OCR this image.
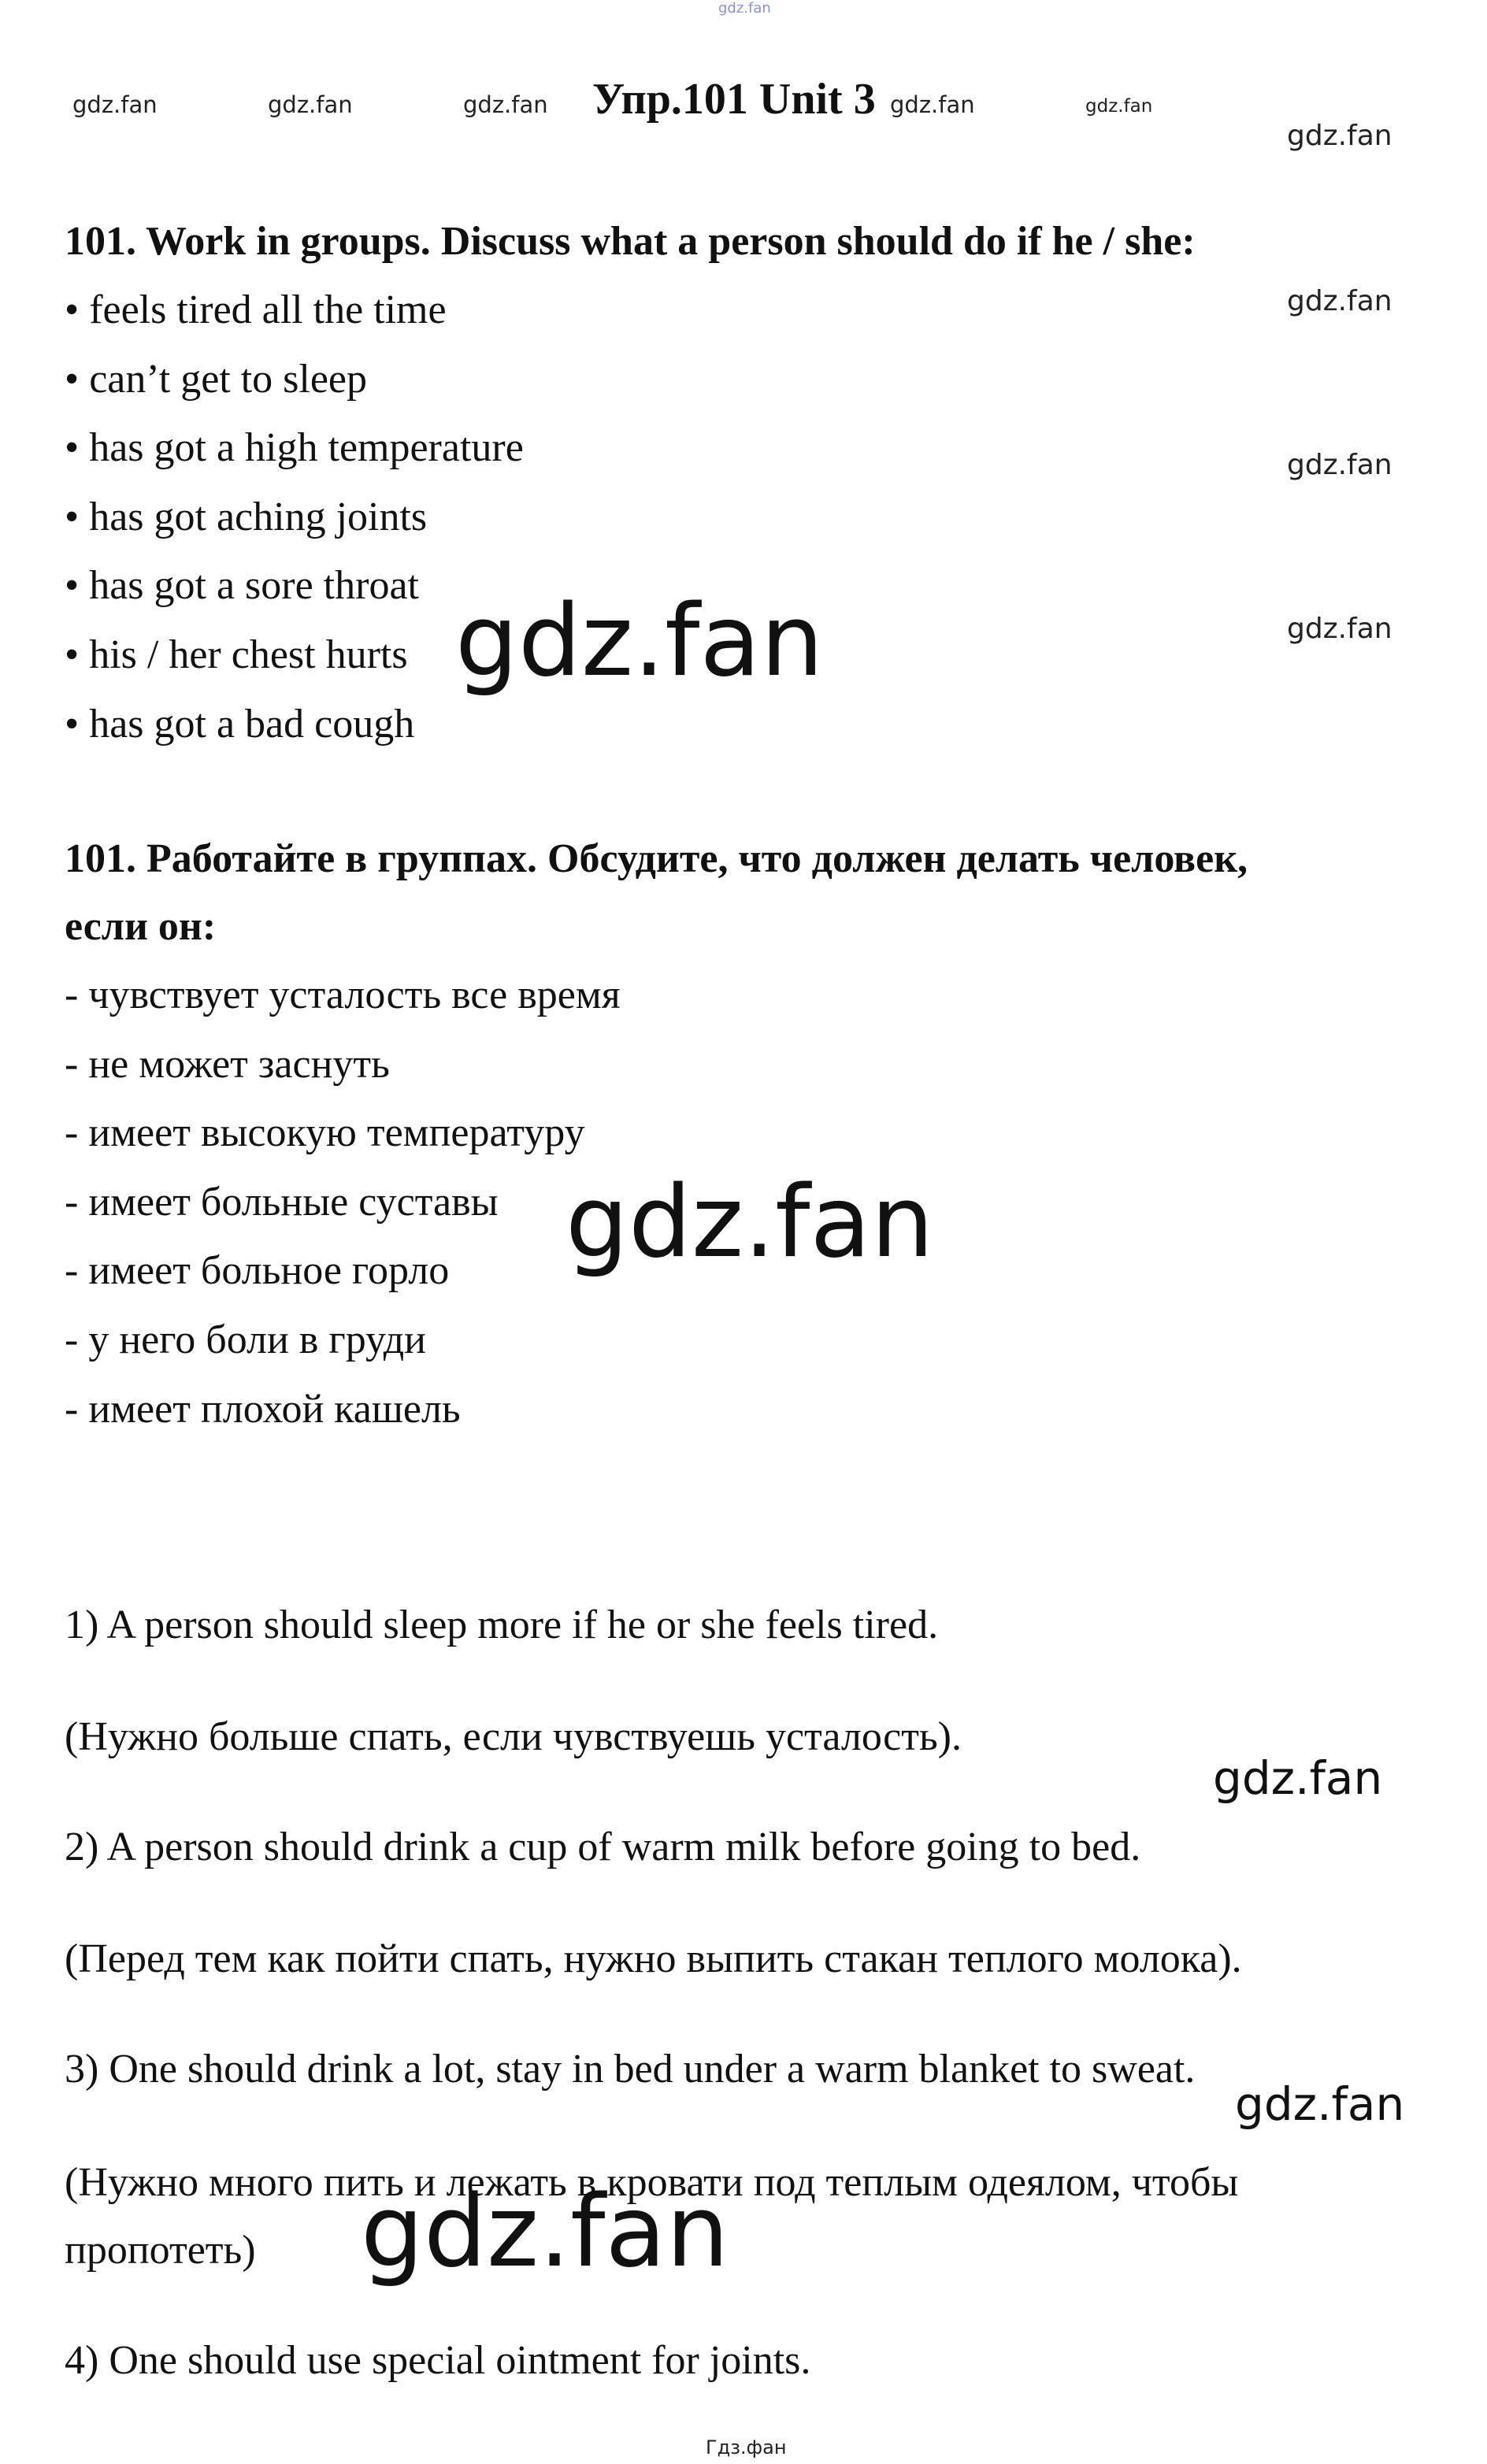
gdz.fan
gdz.fan	gdz.fan	gdz.fan Упр.101 Unit 3 gdz.fan	gdz.fan
gdz.fan
gdz.fan
gdz.fan
gdz.fan
101. Work in groups. Discuss what a person should do if he / she:
• feels tired all the time
• can’t get to sleep
• has got a high temperature
• has got aching joints
• has got a sore throat
• his / her chest hurts
• has got a bad cough
gdz.fan
101. Работайте в группах. Обсудите, что должен делать человек,
если он:
- чувствует усталость все время
- не может заснуть
- имеет высокую температуру
- имеет больные суставы
- имеет больное горло
- у него боли в груди
- имеет плохой кашель
gdz.fan
1) A person should sleep more if he or she feels tired.
(Нужно больше спать, если чувствуешь усталость).
gdz.fan
2) A person should drink a cup of warm milk before going to bed.
(Перед тем как пойти спать, нужно выпить стакан теплого молока).
3) One should drink a lot, stay in bed under a warm blanket to sweat.
gdz.fan
(Нужно много пить и лежать в кровати под теплым одеялом, чтобы
пропотеть) gdz.fan
4) One should use special ointment for joints.
Гдз.фан
